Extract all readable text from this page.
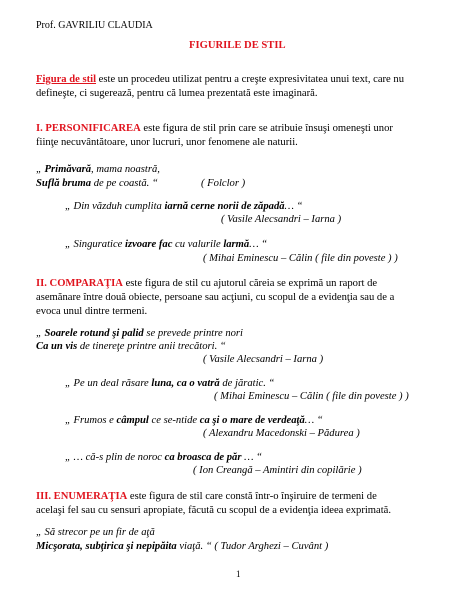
Prof. GAVRILIU CLAUDIA
FIGURILE DE STIL
Figura de stil este un procedeu utilizat pentru a creşte expresivitatea unui text, care nu
defineşte, ci sugerează, pentru că lumea prezentată este imaginară.
I. PERSONIFICAREA este figura de stil prin care se atribuie însuşi omeneşti unor
fiinţe necuvântătoare, unor lucruri, unor fenomene ale naturii.
„ Primăvară, mama noastră,
Suflă bruma de pe coastă. “	( Folclor )
„ Din văzduh cumplita iarnă cerne norii de zăpadă… “
( Vasile Alecsandri – Iarna )
„ Singuratice izvoare fac cu valurile larmă… “
( Mihai Eminescu – Călin ( file din poveste ) )
II. COMPARAŢIA este figura de stil cu ajutorul căreia se exprimă un raport de
asemănare între două obiecte, persoane sau acţiuni, cu scopul de a evidenţia sau de a
evoca unul dintre termeni.
„ Soarele rotund şi palid se prevede printre nori
Ca un vis de tinereţe printre anii trecători. “
( Vasile Alecsandri – Iarna )
„ Pe un deal răsare luna, ca o vatră de jăratic. “
( Mihai Eminescu – Călin ( file din poveste ) )
„ Frumos e câmpul ce se-ntide ca şi o mare de verdeaţă… “
( Alexandru Macedonski – Pădurea )
„ … că-s plin de noroc ca broasca de păr … “
( Ion Creangă – Amintiri din copilărie )
III. ENUMERAŢIA este figura de stil care constă într-o înşiruire de termeni de
acelaşi fel sau cu sensuri apropiate, făcută cu scopul de a evidenţia ideea exprimată.
„ Să strecor pe un fir de aţă
Micşorata, subţirica şi nepipăita viaţă. “ ( Tudor Arghezi – Cuvânt )
1
